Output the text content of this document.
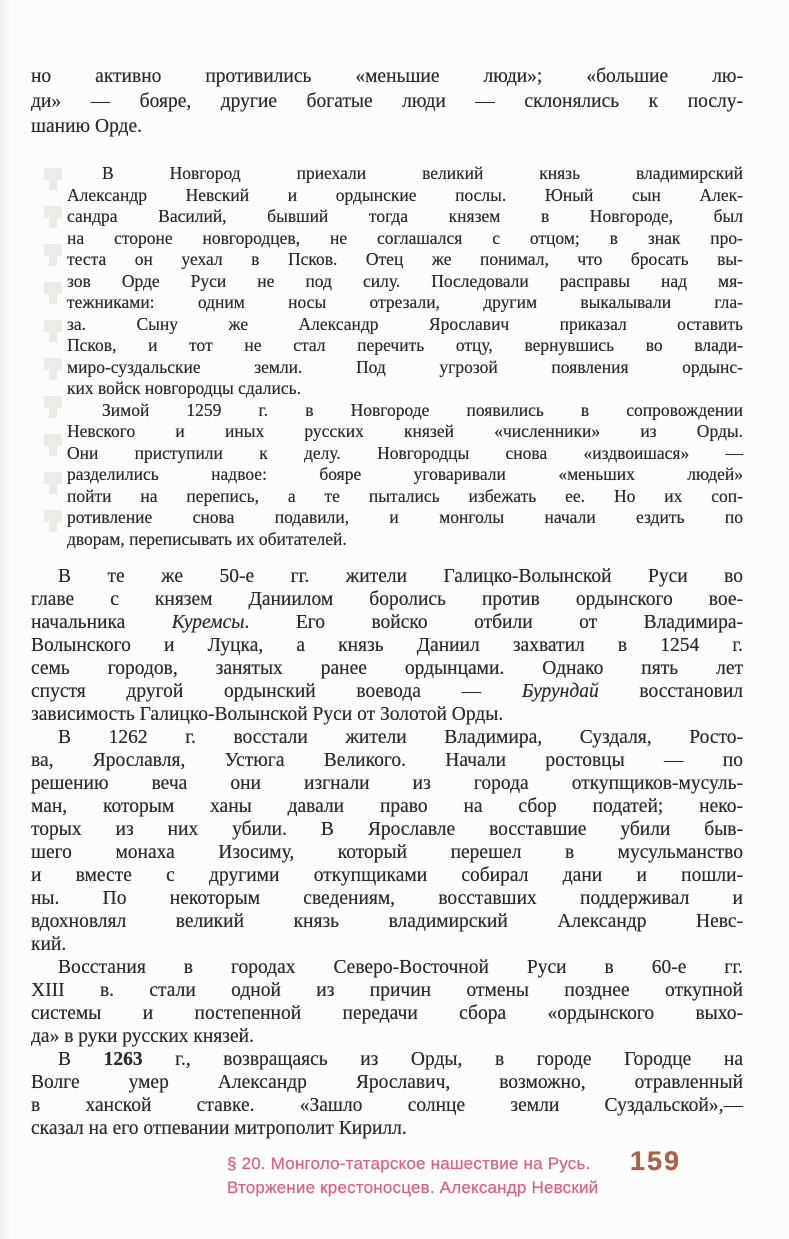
но активно противились «меньшие люди»; «большие лю-
ди» — бояре, другие богатые люди — склонялись к послу-
шанию Орде.
В Новгород приехали великий князь владимирский
Александр Невский и ордынские послы. Юный сын Алек-
сандра Василий, бывший тогда князем в Новгороде, был
на стороне новгородцев, не соглашался с отцом; в знак про-
теста он уехал в Псков. Отец же понимал, что бросать вы-
зов Орде Руси не под силу. Последовали расправы над мя-
тежниками: одним носы отрезали, другим выкалывали гла-
за. Сыну же Александр Ярославич приказал оставить
Псков, и тот не стал перечить отцу, вернувшись во влади-
миро-суздальские земли. Под угрозой появления ордынс-
ких войск новгородцы сдались.
Зимой 1259 г. в Новгороде появились в сопровождении
Невского и иных русских князей «численники» из Орды.
Они приступили к делу. Новгородцы снова «издвоишася» —
разделились надвое: бояре уговаривали «меньших людей»
пойти на перепись, а те пытались избежать ее. Но их соп-
ротивление снова подавили, и монголы начали ездить по
дворам, переписывать их обитателей.
В те же 50-е гг. жители Галицко-Волынской Руси во
главе с князем Даниилом боролись против ордынского вое-
начальника Куремсы. Его войско отбили от Владимира-
Волынского и Луцка, а князь Даниил захватил в 1254 г.
семь городов, занятых ранее ордынцами. Однако пять лет
спустя другой ордынский воевода — Бурундай восстановил
зависимость Галицко-Волынской Руси от Золотой Орды.
В 1262 г. восстали жители Владимира, Суздаля, Росто-
ва, Ярославля, Устюга Великого. Начали ростовцы — по
решению веча они изгнали из города откупщиков-мусуль-
ман, которым ханы давали право на сбор податей; неко-
торых из них убили. В Ярославле восставшие убили быв-
шего монаха Изосиму, который перешел в мусульманство
и вместе с другими откупщиками собирал дани и пошли-
ны. По некоторым сведениям, восставших поддерживал и
вдохновлял великий князь владимирский Александр Невс-
кий.
Восстания в городах Северо-Восточной Руси в 60-е гг.
XIII в. стали одной из причин отмены позднее откупной
системы и постепенной передачи сбора «ордынского выхо-
да» в руки русских князей.
В 1263 г., возвращаясь из Орды, в городе Городце на
Волге умер Александр Ярославич, возможно, отравленный
в ханской ставке. «Зашло солнце земли Суздальской»,—
сказал на его отпевании митрополит Кирилл.
§ 20. Монголо-татарское нашествие на Русь.
Вторжение крестоносцев. Александр Невский
159
